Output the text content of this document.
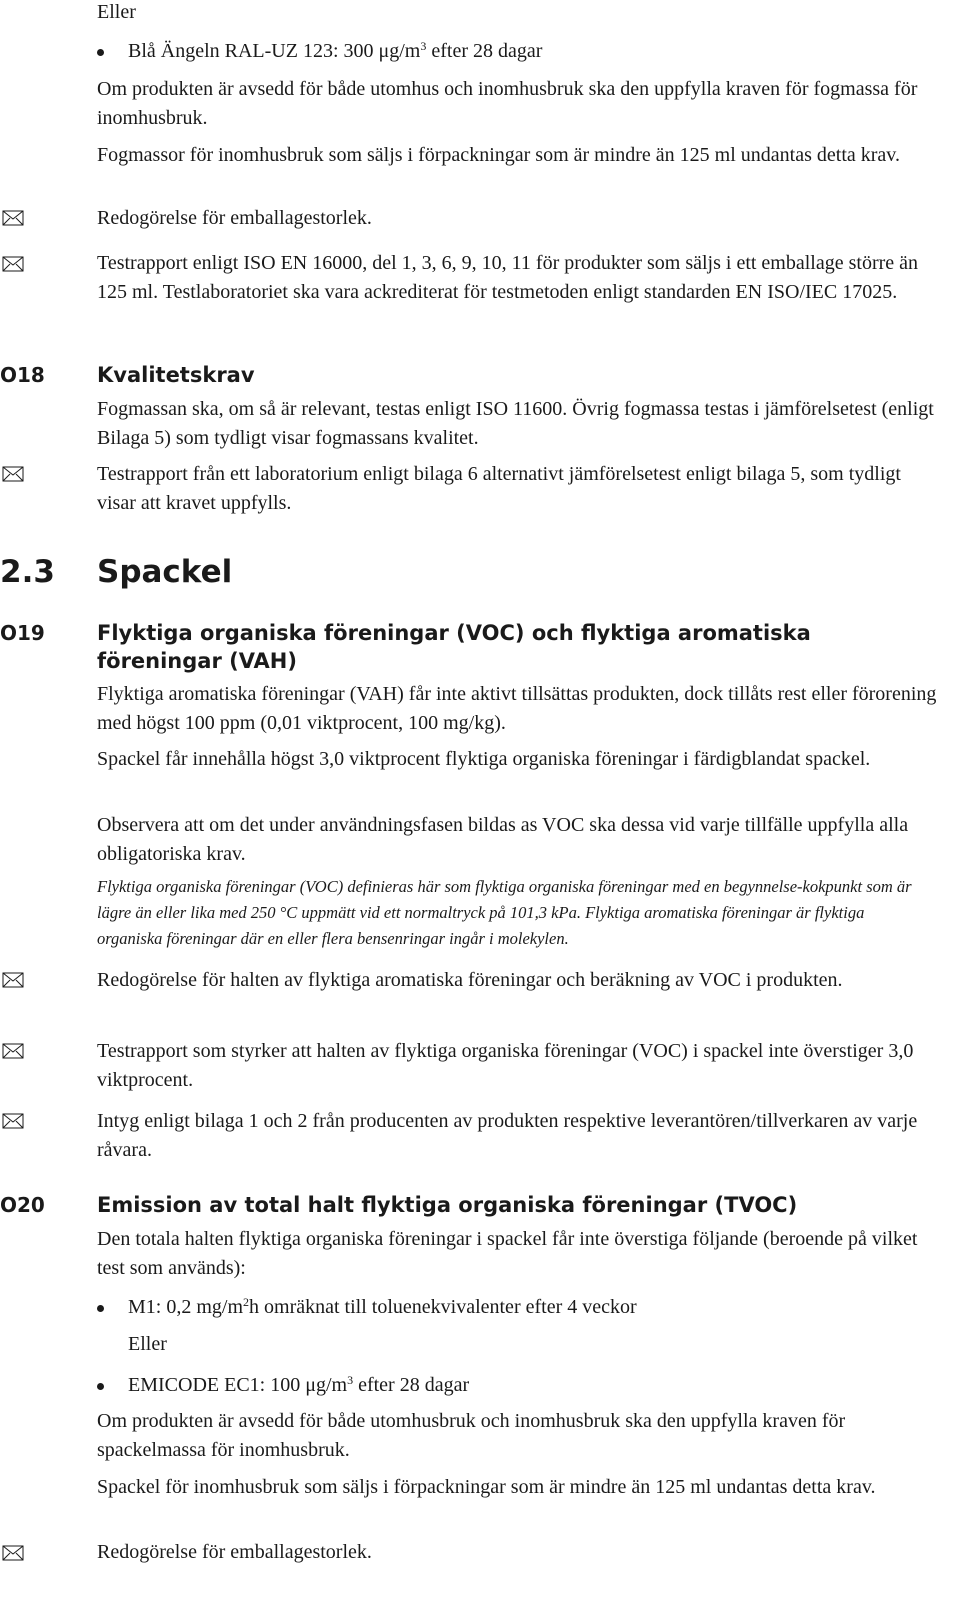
Eller

Blå Ängeln RAL-UZ 123: 300 $\mu g/m^3$ efter 28 dagar

Om produkten är avsedd för både utomhus och inomhusbruk ska den uppfylla kraven för fogmassa för inomhusbruk.

Fogmassor för inomhusbruk som säljs i förpackningar som är mindre än 125 ml undantas detta krav.

Redogörelse för emballagestorlek.

Testrapport enligt ISO EN 16000, del 1, 3, 6, 9, 10, 11 för produkter som säljs i ett emballage större än 125 ml. Testlaboratoriet ska vara ackrediterat för testmetoden enligt standarden EN ISO/IEC 17025.

O18 Kvalitetskrav

Fogmassan ska, om så är relevant, testas enligt ISO 11600. Övrig fogmassa testas i jämförelsetest (enligt Bilaga 5) som tydligt visar fogmassans kvalitet.

Testrapport från ett laboratorium enligt bilaga 6 alternativt jämförelsetest enligt bilaga 5, som tydligt visar att kravet uppfylls.

2.3 Spackel
O19 Flyktiga organiska föreningar (VOC) och flyktiga aromatiska föreningar (VAH)

Flyktiga aromatiska föreningar (VAH) får inte aktivt tillsättas produkten, dock tillåts rest eller förorening med högst 100 ppm (0,01 viktprocent, 100 mg/kg).

Spackel får innehålla högst 3,0 viktprocent flyktiga organiska föreningar i färdigblandat spackel.

Observera att om det under användningsfasen bildas as VOC ska dessa vid varje tillfälle uppfylla alla obligatoriska krav.

Flyktiga organiska föreningar (VOC) definieras här som flyktiga organiska föreningar med en begynnelse-kokpunkt som är lägre än eller lika med 250 °C uppmätt vid ett normaltryck på 101,3 kPa. Flyktiga aromatiska föreningar är flyktiga organiska föreningar där en eller flera bensenringar ingår i molekylen.

Redogörelse för halten av flyktiga aromatiska föreningar och beräkning av VOC i produkten.

Testrapport som styrker att halten av flyktiga organiska föreningar (VOC) i spackel inte överstiger 3,0 viktprocent.

Intyg enligt bilaga 1 och 2 från producenten av produkten respektive leverantören/tillverkaren av varje råvara.

O20 Emission av total halt flyktiga organiska föreningar (TVOC)

Den totala halten flyktiga organiska föreningar i spackel får inte överstiga följande (beroende på vilket test som används):

M1: 0,2 $mg/m^2h$ omräknat till toluenekvivalenter efter 4 veckor

Eller

EMICODE EC1: 100 $\mu g/m^3$ efter 28 dagar

Om produkten är avsedd för både utomhusbruk och inomhusbruk ska den uppfylla kraven för spackelmassa för inomhusbruk.

Spackel för inomhusbruk som säljs i förpackningar som är mindre än 125 ml undantas detta krav.

Redogörelse för emballagestorlek.
